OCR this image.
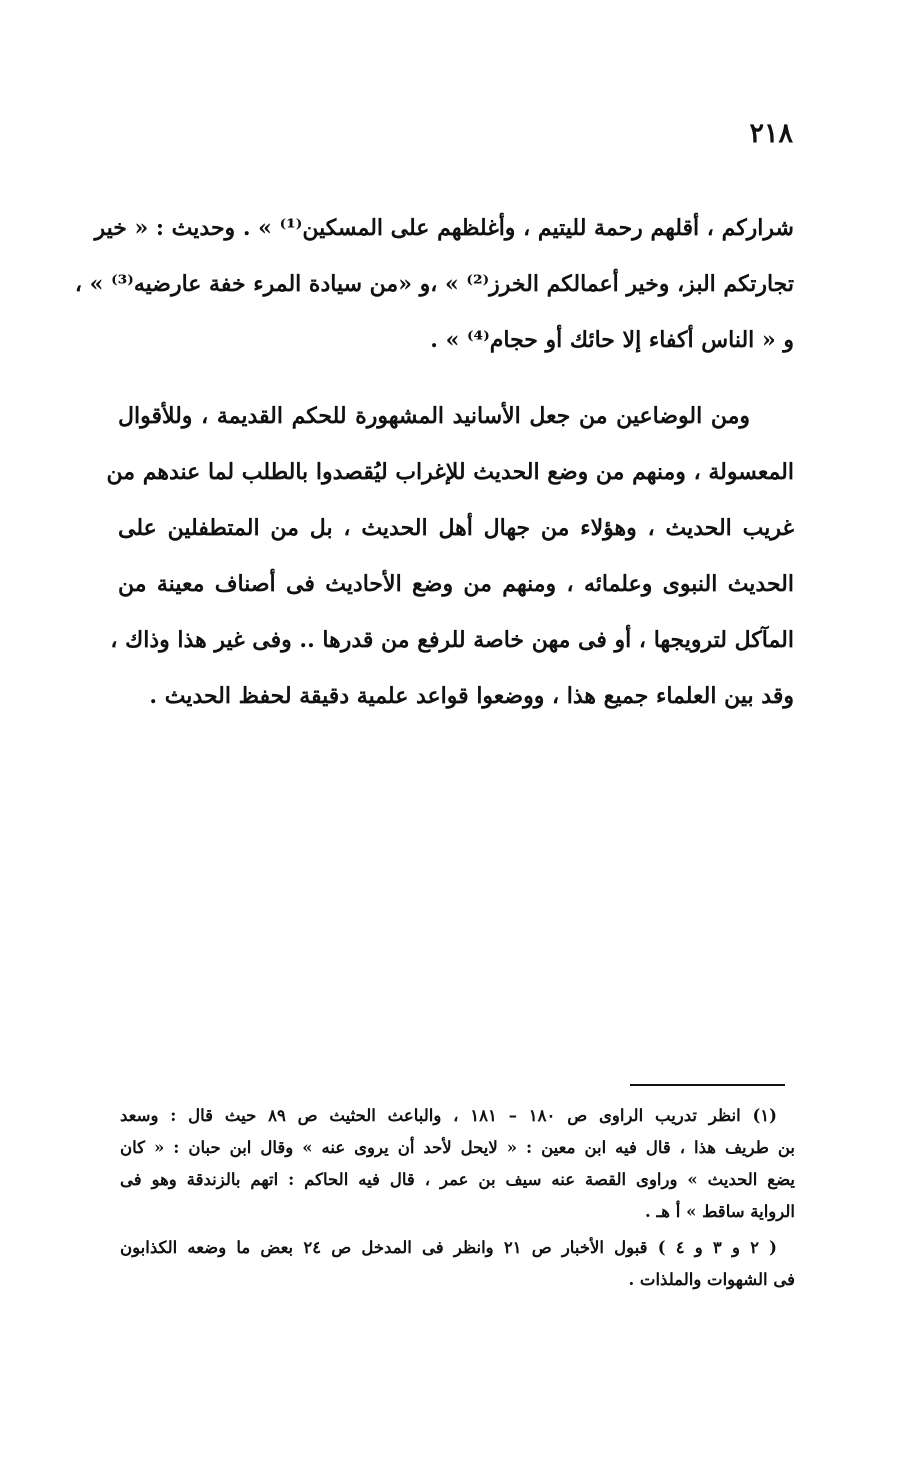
٢١٨
شراركم ، أقلهم رحمة لليتيم ، وأغلظهم على المسكين⁽¹⁾ » . وحديث : « خير
تجارتكم البز، وخير أعمالكم الخرز⁽²⁾ » ،و «من سيادة المرء خفة عارضيه⁽³⁾ » ،
و « الناس أكفاء إلا حائك أو حجام⁽⁴⁾ » .
ومن الوضاعين من جعل الأسانيد المشهورة للحكم القديمة ، وللأقوال
المعسولة ، ومنهم من وضع الحديث للإغراب ليُقصدوا بالطلب لما عندهم من
غريب الحديث ، وهؤلاء من جهال أهل الحديث ، بل من المتطفلين على
الحديث النبوى وعلمائه ، ومنهم من وضع الأحاديث فى أصناف معينة من
المآكل لترويجها ، أو فى مهن خاصة للرفع من قدرها .. وفى غير هذا وذاك ،
وقد بين العلماء جميع هذا ، ووضعوا قواعد علمية دقيقة لحفظ الحديث .
(١) انظر تدريب الراوى ص ١٨٠ – ١٨١ ، والباعث الحثيث ص ٨٩ حيث قال : وسعد
بن طريف هذا ، قال فيه ابن معين : « لايحل لأحد أن يروى عنه » وقال ابن حبان : « كان
يضع الحديث » وراوى القصة عنه سيف بن عمر ، قال فيه الحاكم : اتهم بالزندقة وهو فى
الرواية ساقط » أ هـ .
( ٢ و ٣ و ٤ ) قبول الأخبار ص ٢١ وانظر فى المدخل ص ٢٤ بعض ما وضعه الكذابون
فى الشهوات والملذات .
